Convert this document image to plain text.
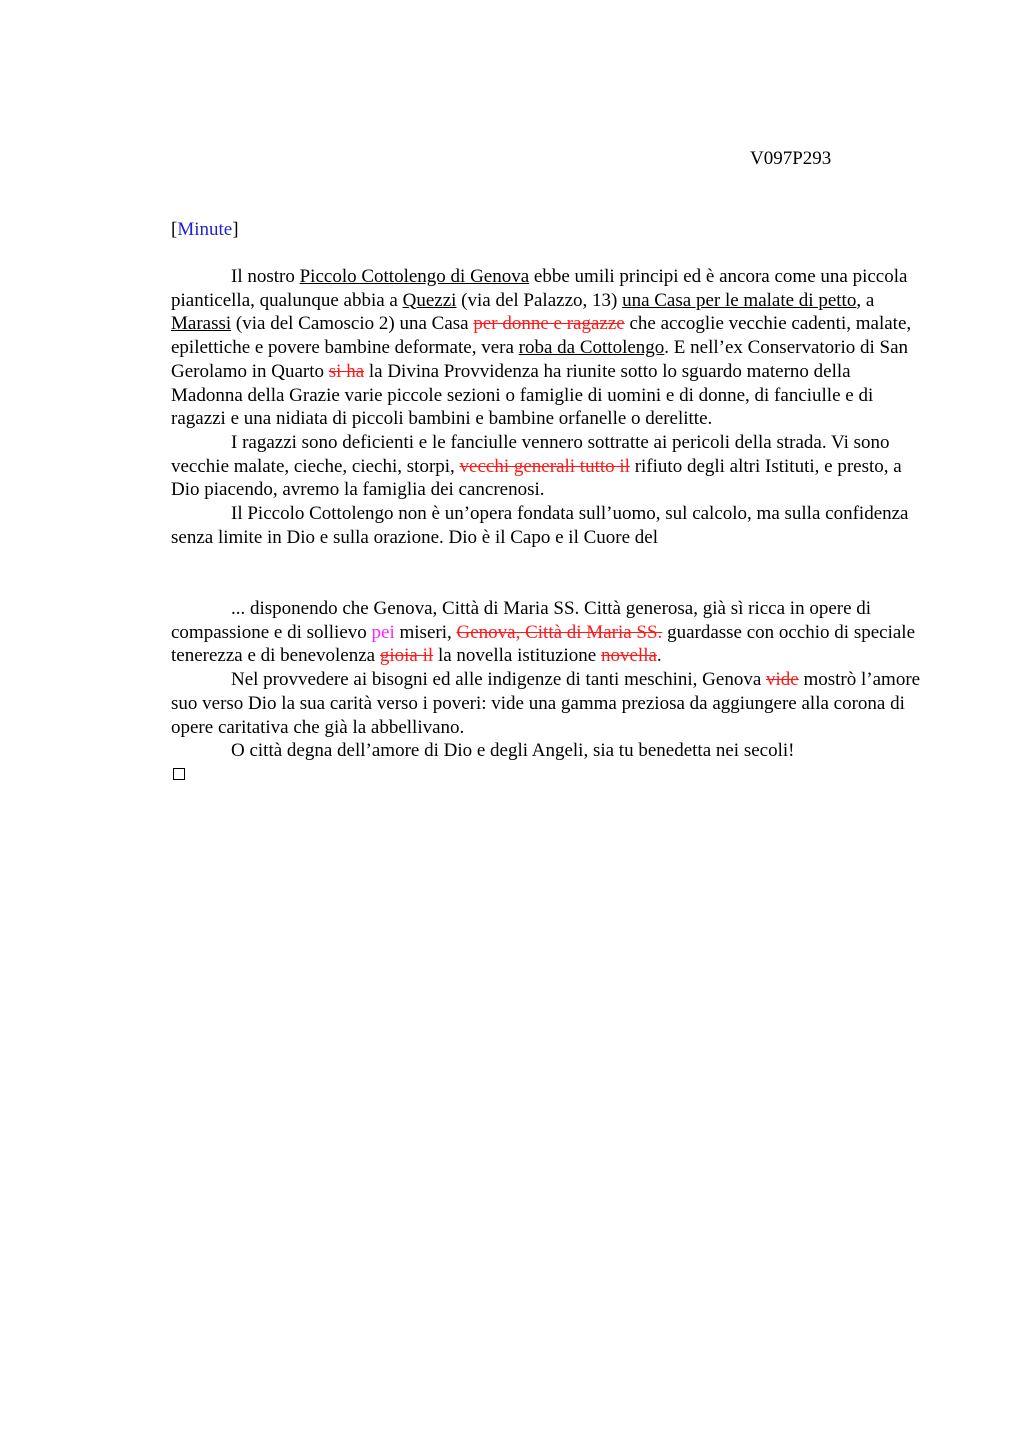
V097P293
[Minute]

Il nostro Piccolo Cottolengo di Genova ebbe umili principi ed è ancora come una piccola pianticella, qualunque abbia a Quezzi (via del Palazzo, 13) una Casa per le malate di petto, a Marassi (via del Camoscio 2) una Casa per donne e ragazze che accoglie vecchie cadenti, malate, epilettiche e povere bambine deformate, vera roba da Cottolengo. E nell’ex Conservatorio di San Gerolamo in Quarto si ha la Divina Provvidenza ha riunite sotto lo sguardo materno della Madonna della Grazie varie piccole sezioni o famiglie di uomini e di donne, di fanciulle e di ragazzi e una nidiata di piccoli bambini e bambine orfanelle o derelitte.

I ragazzi sono deficienti e le fanciulle vennero sottratte ai pericoli della strada. Vi sono vecchie malate, cieche, ciechi, storpi, vecchi generali tutto il rifiuto degli altri Istituti, e presto, a Dio piacendo, avremo la famiglia dei cancrenosi.

Il Piccolo Cottolengo non è un’opera fondata sull’uomo, sul calcolo, ma sulla confidenza senza limite in Dio e sulla orazione. Dio è il Capo e il Cuore del

... disponendo che Genova, Città di Maria SS. Città generosa, già sì ricca in opere di compassione e di sollievo pei miseri, Genova, Città di Maria SS. guardasse con occhio di speciale tenerezza e di benevolenza gioia il la novella istituzione novella.

Nel provvedere ai bisogni ed alle indigenze di tanti meschini, Genova vide mostrò l’amore suo verso Dio la sua carità verso i poveri: vide una gamma preziosa da aggiungere alla corona di opere caritativa che già la abbellivano.

O città degna dell’amore di Dio e degli Angeli, sia tu benedetta nei secoli!
